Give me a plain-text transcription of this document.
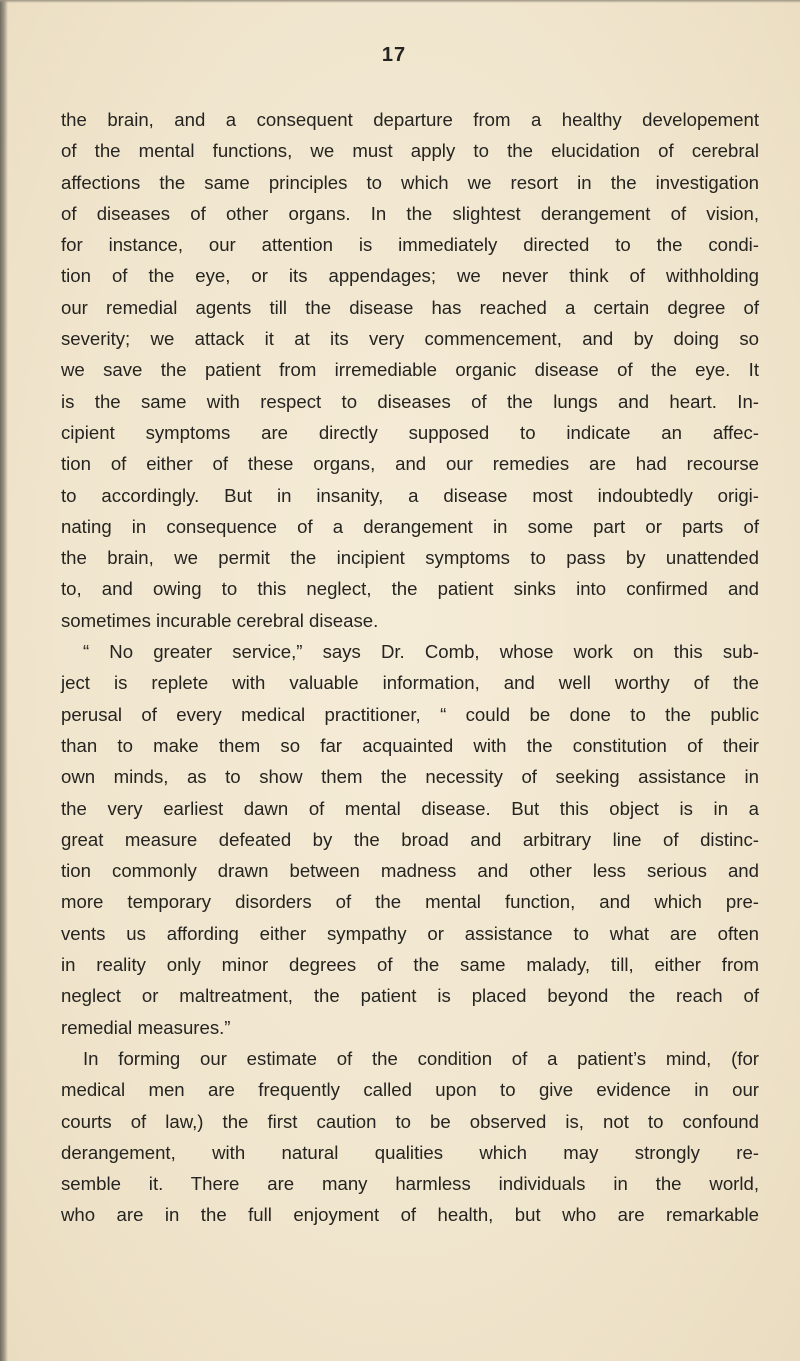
17
the brain, and a consequent departure from a healthy developement
of the mental functions, we must apply to the elucidation of cerebral
affections the same principles to which we resort in the investigation
of diseases of other organs. In the slightest derangement of vision,
for instance, our attention is immediately directed to the condi-
tion of the eye, or its appendages; we never think of withholding
our remedial agents till the disease has reached a certain degree of
severity; we attack it at its very commencement, and by doing so
we save the patient from irremediable organic disease of the eye. It
is the same with respect to diseases of the lungs and heart. In-
cipient symptoms are directly supposed to indicate an affec-
tion of either of these organs, and our remedies are had recourse
to accordingly. But in insanity, a disease most indoubtedly origi-
nating in consequence of a derangement in some part or parts of
the brain, we permit the incipient symptoms to pass by unattended
to, and owing to this neglect, the patient sinks into confirmed and
sometimes incurable cerebral disease.
“ No greater service,” says Dr. Comb, whose work on this sub-
ject is replete with valuable information, and well worthy of the
perusal of every medical practitioner, “ could be done to the public
than to make them so far acquainted with the constitution of their
own minds, as to show them the necessity of seeking assistance in
the very earliest dawn of mental disease. But this object is in a
great measure defeated by the broad and arbitrary line of distinc-
tion commonly drawn between madness and other less serious and
more temporary disorders of the mental function, and which pre-
vents us affording either sympathy or assistance to what are often
in reality only minor degrees of the same malady, till, either from
neglect or maltreatment, the patient is placed beyond the reach of
remedial measures.”
In forming our estimate of the condition of a patient’s mind, (for
medical men are frequently called upon to give evidence in our
courts of law,) the first caution to be observed is, not to confound
derangement, with natural qualities which may strongly re-
semble it. There are many harmless individuals in the world,
who are in the full enjoyment of health, but who are remarkable
